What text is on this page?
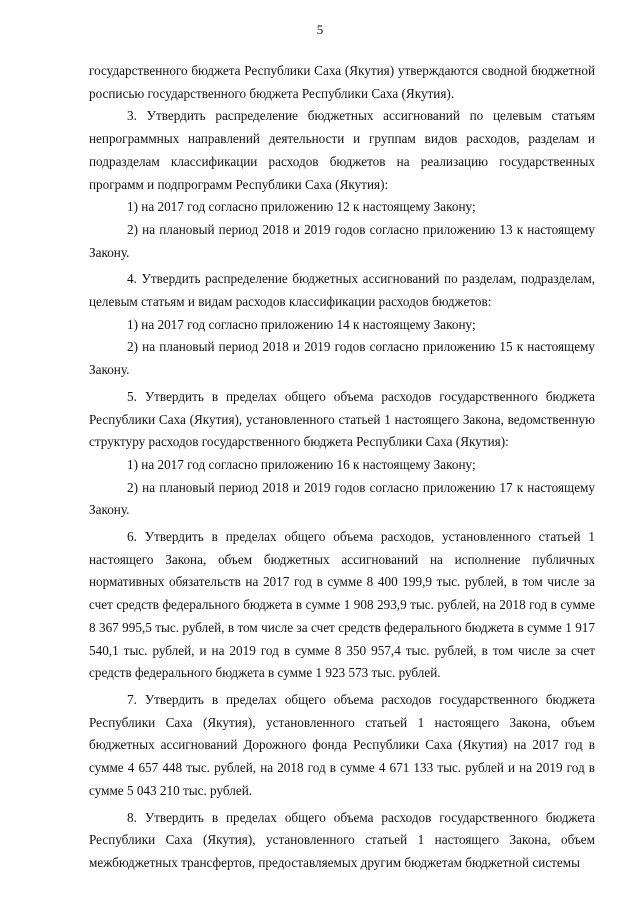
5

государственного бюджета Республики Саха (Якутия) утверждаются сводной бюджетной росписью государственного бюджета Республики Саха (Якутия).

3. Утвердить распределение бюджетных ассигнований по целевым статьям непрограммных направлений деятельности и группам видов расходов, разделам и подразделам классификации расходов бюджетов на реализацию государственных программ и подпрограмм Республики Саха (Якутия):

1) на 2017 год согласно приложению 12 к настоящему Закону;

2) на плановый период 2018 и 2019 годов согласно приложению 13 к настоящему Закону.

4. Утвердить распределение бюджетных ассигнований по разделам, подразделам, целевым статьям и видам расходов классификации расходов бюджетов:

1) на 2017 год согласно приложению 14 к настоящему Закону;

2) на плановый период 2018 и 2019 годов согласно приложению 15 к настоящему Закону.

5. Утвердить в пределах общего объема расходов государственного бюджета Республики Саха (Якутия), установленного статьей 1 настоящего Закона, ведомственную структуру расходов государственного бюджета Республики Саха (Якутия):

1) на 2017 год согласно приложению 16 к настоящему Закону;

2) на плановый период 2018 и 2019 годов согласно приложению 17 к настоящему Закону.

6. Утвердить в пределах общего объема расходов, установленного статьей 1 настоящего Закона, объем бюджетных ассигнований на исполнение публичных нормативных обязательств на 2017 год в сумме 8 400 199,9 тыс. рублей, в том числе за счет средств федерального бюджета в сумме 1 908 293,9 тыс. рублей, на 2018 год в сумме 8 367 995,5 тыс. рублей, в том числе за счет средств федерального бюджета в сумме 1 917 540,1 тыс. рублей, и на 2019 год в сумме 8 350 957,4 тыс. рублей, в том числе за счет средств федерального бюджета в сумме 1 923 573 тыс. рублей.

7. Утвердить в пределах общего объема расходов государственного бюджета Республики Саха (Якутия), установленного статьей 1 настоящего Закона, объем бюджетных ассигнований Дорожного фонда Республики Саха (Якутия) на 2017 год в сумме 4 657 448 тыс. рублей, на 2018 год в сумме 4 671 133 тыс. рублей и на 2019 год в сумме 5 043 210 тыс. рублей.

8. Утвердить в пределах общего объема расходов государственного бюджета Республики Саха (Якутия), установленного статьей 1 настоящего Закона, объем межбюджетных трансфертов, предоставляемых другим бюджетам бюджетной системы
